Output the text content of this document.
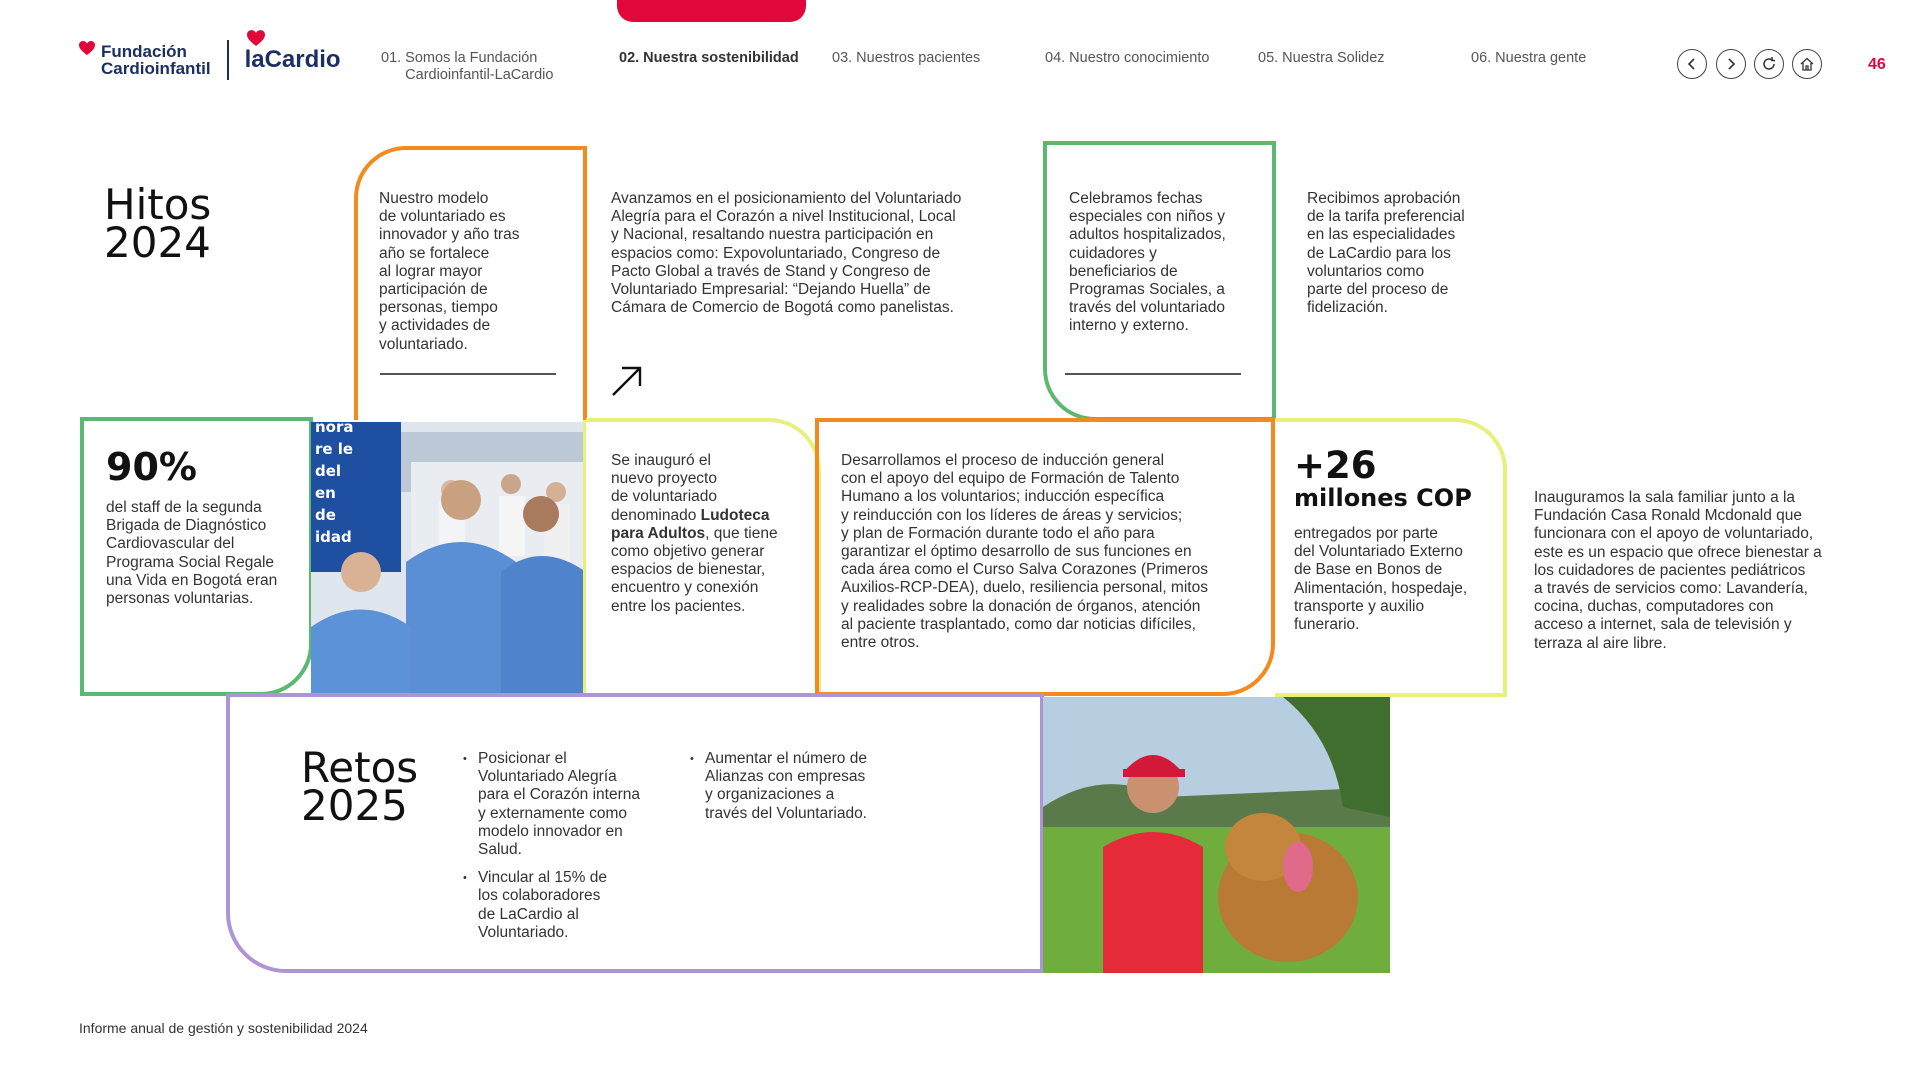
Fundación
Cardioinfantil laCardio	01. Somos la Fundación
Cardioinfantil-LaCardio
02. Nuestra sostenibilidad 03. Nuestros pacientes	04. Nuestro conocimiento	05. Nuestra Solidez	06. Nuestra gente	46
Hitos
2024
Nuestro modelo
de voluntariado es
innovador y año tras
año se fortalece
al lograr mayor
participación de
personas, tiempo
y actividades de
voluntariado.
Avanzamos en el posicionamiento del Voluntariado
Alegría para el Corazón a nivel Institucional, Local
y Nacional, resaltando nuestra participación en
espacios como: Expovoluntariado, Congreso de
Pacto Global a través de Stand y Congreso de
Voluntariado Empresarial: “Dejando Huella” de
Cámara de Comercio de Bogotá como panelistas.
Celebramos fechas
especiales con niños y
adultos hospitalizados,
cuidadores y
beneficiarios de
Programas Sociales, a
través del voluntariado
interno y externo.
Recibimos aprobación
de la tarifa preferencial
en las especialidades
de LaCardio para los
voluntarios como
parte del proceso de
fidelización.
90%
del staff de la segunda
Brigada de Diagnóstico
Cardiovascular del
Programa Social Regale
una Vida en Bogotá eran
personas voluntarias.
nora
re le
del
en
de
idad
Se inauguró el
nuevo proyecto
de voluntariado
denominado Ludoteca
para Adultos, que tiene
como objetivo generar
espacios de bienestar,
encuentro y conexión
entre los pacientes.
Desarrollamos el proceso de inducción general
con el apoyo del equipo de Formación de Talento
Humano a los voluntarios; inducción específica
y reinducción con los líderes de áreas y servicios;
y plan de Formación durante todo el año para
garantizar el óptimo desarrollo de sus funciones en
cada área como el Curso Salva Corazones (Primeros
Auxilios-RCP-DEA), duelo, resiliencia personal, mitos
y realidades sobre la donación de órganos, atención
al paciente trasplantado, como dar noticias difíciles,
entre otros.
+26
millones COP
entregados por parte
del Voluntariado Externo
de Base en Bonos de
Alimentación, hospedaje,
transporte y auxilio
funerario.
Inauguramos la sala familiar junto a la
Fundación Casa Ronald Mcdonald que
funcionara con el apoyo de voluntariado,
este es un espacio que ofrece bienestar a
los cuidadores de pacientes pediátricos
a través de servicios como: Lavandería,
cocina, duchas, computadores con
acceso a internet, sala de televisión y
terraza al aire libre.
Retos
2025
• Posicionar el
Voluntariado Alegría
para el Corazón interna
y externamente como
modelo innovador en
Salud.
• Vincular al 15% de
los colaboradores
de LaCardio al
Voluntariado.
• Aumentar el número de
Alianzas con empresas
y organizaciones a
través del Voluntariado.
Informe anual de gestión y sostenibilidad 2024
